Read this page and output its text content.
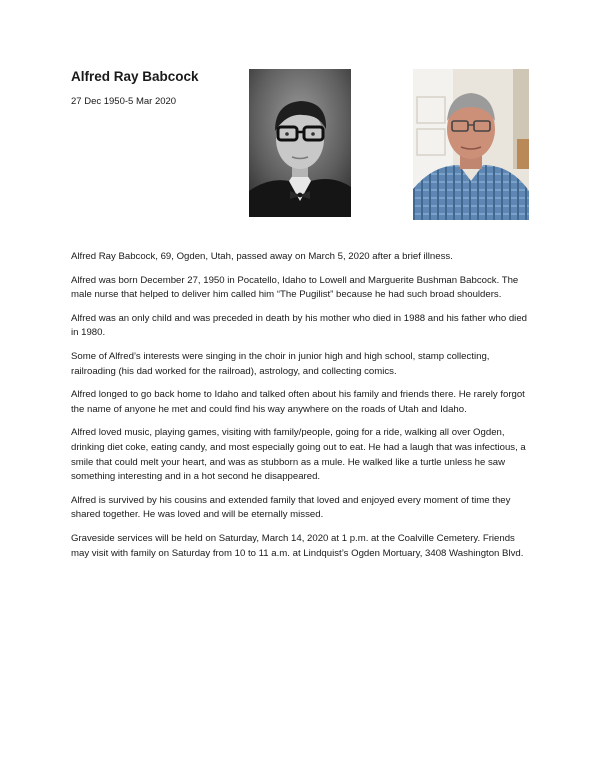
Alfred Ray Babcock
27 Dec 1950-5 Mar 2020

Alfred Ray Babcock, 69, Ogden, Utah, passed away on March 5, 2020 after a brief illness.

Alfred was born December 27, 1950 in Pocatello, Idaho to Lowell and Marguerite Bushman Babcock. The male nurse that helped to deliver him called him “The Pugilist” because he had such broad shoulders.

Alfred was an only child and was preceded in death by his mother who died in 1988 and his father who died in 1980.

Some of Alfred’s interests were singing in the choir in junior high and high school, stamp collecting, railroading (his dad worked for the railroad), astrology, and collecting comics.

Alfred longed to go back home to Idaho and talked often about his family and friends there. He rarely forgot the name of anyone he met and could find his way anywhere on the roads of Utah and Idaho.

Alfred loved music, playing games, visiting with family/people, going for a ride, walking all over Ogden, drinking diet coke, eating candy, and most especially going out to eat. He had a laugh that was infectious, a smile that could melt your heart, and was as stubborn as a mule. He walked like a turtle unless he saw something interesting and in a hot second he disappeared.

Alfred is survived by his cousins and extended family that loved and enjoyed every moment of time they shared together. He was loved and will be eternally missed.

Graveside services will be held on Saturday, March 14, 2020 at 1 p.m. at the Coalville Cemetery. Friends may visit with family on Saturday from 10 to 11 a.m. at Lindquist’s Ogden Mortuary, 3408 Washington Blvd.
